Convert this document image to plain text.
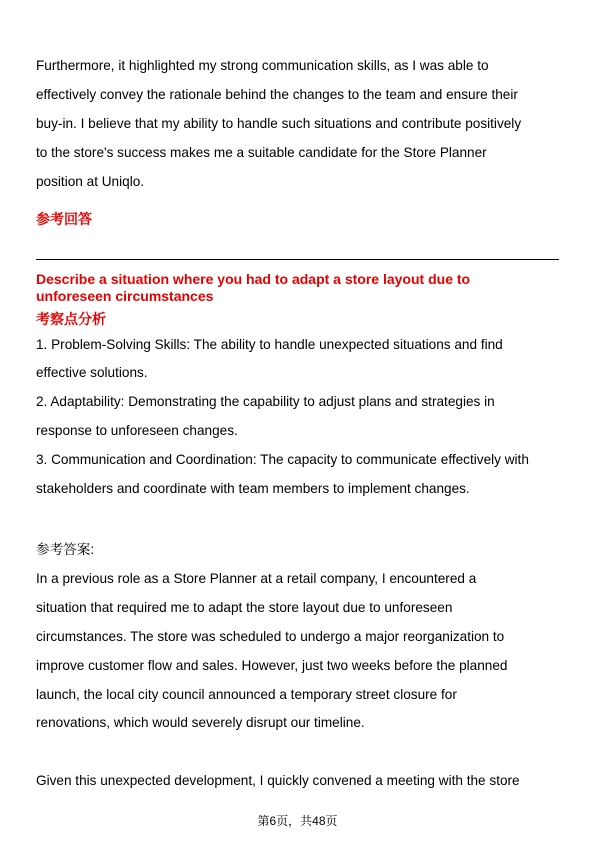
Furthermore, it highlighted my strong communication skills, as I was able to
effectively convey the rationale behind the changes to the team and ensure their
buy-in. I believe that my ability to handle such situations and contribute positively
to the store's success makes me a suitable candidate for the Store Planner
position at Uniqlo.

参考回答

Describe a situation where you had to adapt a store layout due to
unforeseen circumstances

考察点分析

1. Problem-Solving Skills: The ability to handle unexpected situations and find
effective solutions.
2. Adaptability: Demonstrating the capability to adjust plans and strategies in
response to unforeseen changes.
3. Communication and Coordination: The capacity to communicate effectively with
stakeholders and coordinate with team members to implement changes.

参考答案:

In a previous role as a Store Planner at a retail company, I encountered a
situation that required me to adapt the store layout due to unforeseen
circumstances. The store was scheduled to undergo a major reorganization to
improve customer flow and sales. However, just two weeks before the planned
launch, the local city council announced a temporary street closure for
renovations, which would severely disrupt our timeline.

Given this unexpected development, I quickly convened a meeting with the store

第6页，共48页
